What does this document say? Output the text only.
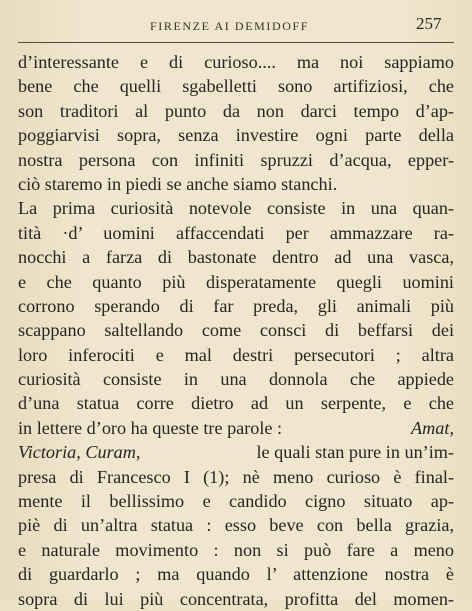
FIRENZE AI DEMIDOFF	257
d’interessante e di curioso.... ma noi sappiamo
bene che quelli sgabelletti sono artifiziosi, che
son traditori al punto da non darci tempo d’ap-
poggiarvisi sopra, senza investire ogni parte della
nostra persona con infiniti spruzzi d’acqua, epper-
ciò staremo in piedi se anche siamo stanchi.
La prima curiosità notevole consiste in una quan-
tità ·d’ uomini affaccendati per ammazzare ra-
nocchi a farza di bastonate dentro ad una vasca,
e che quanto più disperatamente quegli uomini
corrono sperando di far preda, gli animali più
scappano saltellando come consci di beffarsi dei
loro inferociti e mal destri persecutori ; altra
curiosità consiste in una donnola che appiede
d’una statua corre dietro ad un serpente, e che
in lettere d’oro ha queste tre parole :	Amat,
Victoria, Curam,	le quali stan pure in un’im-
presa di Francesco I (1); nè meno curioso è final-
mente il bellissimo e candido cigno situato ap-
piè di un’altra statua : esso beve con bella grazia,
e naturale movimento : non si può fare a meno
di guardarlo ; ma quando l’ attenzione nostra è
sopra di lui più concentrata, profitta del momen-
